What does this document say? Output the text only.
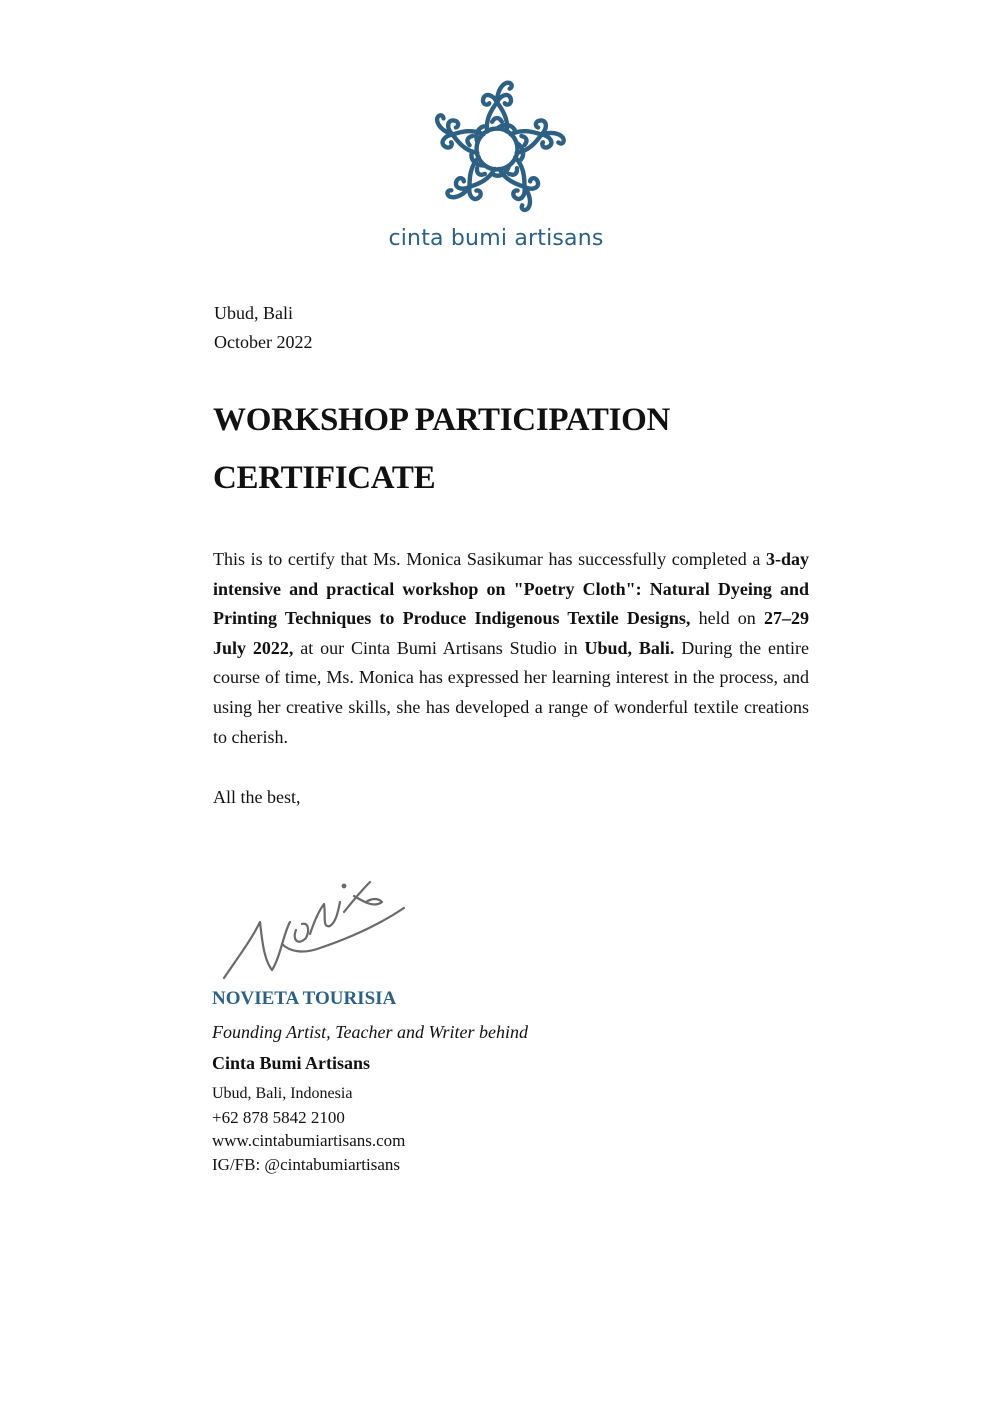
cinta bumi artisans
Ubud, Bali
October 2022
WORKSHOP PARTICIPATION
CERTIFICATE
This is to certify that Ms. Monica Sasikumar has successfully completed a 3-day intensive and practical workshop on "Poetry Cloth": Natural Dyeing and Printing Techniques to Produce Indigenous Textile Designs, held on 27–29 July 2022, at our Cinta Bumi Artisans Studio in Ubud, Bali. During the entire course of time, Ms. Monica has expressed her learning interest in the process, and using her creative skills, she has developed a range of wonderful textile creations to cherish.
All the best,
NOVIETA TOURISIA
Founding Artist, Teacher and Writer behind
Cinta Bumi Artisans
Ubud, Bali, Indonesia
+62 878 5842 2100
www.cintabumiartisans.com
IG/FB: @cintabumiartisans
